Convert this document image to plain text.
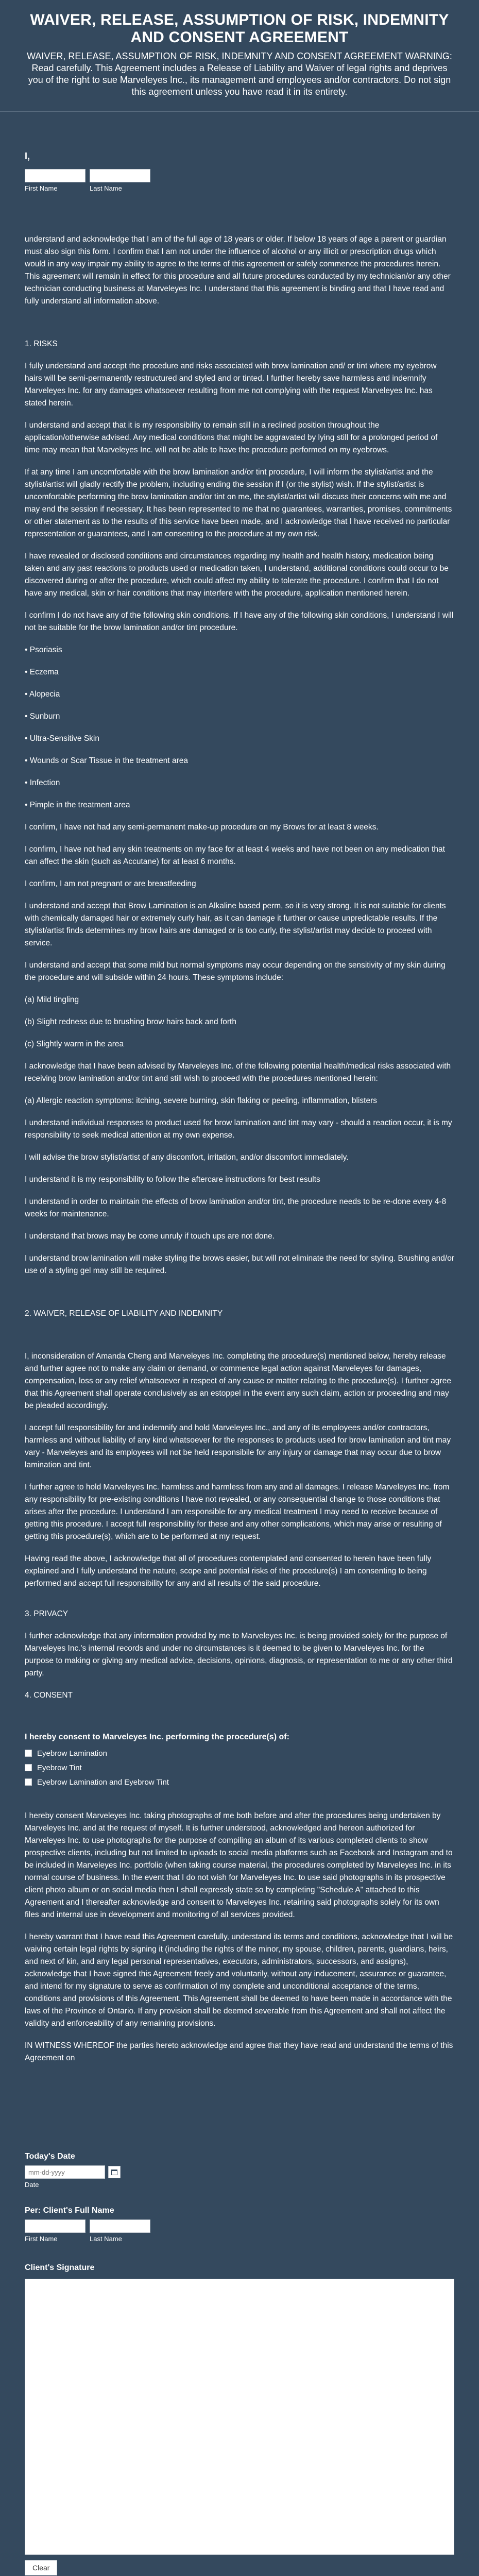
WAIVER, RELEASE, ASSUMPTION OF RISK, INDEMNITY AND CONSENT AGREEMENT

WAIVER, RELEASE, ASSUMPTION OF RISK, INDEMNITY AND CONSENT AGREEMENT WARNING: Read carefully. This Agreement includes a Release of Liability and Waiver of legal rights and deprives you of the right to sue Marveleyes Inc., its management and employees and/or contractors. Do not sign this agreement unless you have read it in its entirety.

I,
First Name	Last Name

understand and acknowledge that I am of the full age of 18 years or older. If below 18 years of age a parent or guardian must also sign this form. I confirm that I am not under the influence of alcohol or any illicit or prescription drugs which would in any way impair my ability to agree to the terms of this agreement or safely commence the procedures herein. This agreement will remain in effect for this procedure and all future procedures conducted by my technician/or any other technician conducting business at Marveleyes Inc. I understand that this agreement is binding and that I have read and fully understand all information above.

1. RISKS

I fully understand and accept the procedure and risks associated with brow lamination and/ or tint where my eyebrow hairs will be semi-permanently restructured and styled and or tinted. I further hereby save harmless and indemnify Marveleyes Inc. for any damages whatsoever resulting from me not complying with the request Marveleyes Inc. has stated herein.

I understand and accept that it is my responsibility to remain still in a reclined position throughout the application/otherwise advised. Any medical conditions that might be aggravated by lying still for a prolonged period of time may mean that Marveleyes Inc. will not be able to have the procedure performed on my eyebrows.

If at any time I am uncomfortable with the brow lamination and/or tint procedure, I will inform the stylist/artist and the stylist/artist will gladly rectify the problem, including ending the session if I (or the stylist) wish. If the stylist/artist is uncomfortable performing the brow lamination and/or tint on me, the stylist/artist will discuss their concerns with me and may end the session if necessary. It has been represented to me that no guarantees, warranties, promises, commitments or other statement as to the results of this service have been made, and I acknowledge that I have received no particular representation or guarantees, and I am consenting to the procedure at my own risk.

I have revealed or disclosed conditions and circumstances regarding my health and health history, medication being taken and any past reactions to products used or medication taken, I understand, additional conditions could occur to be discovered during or after the procedure, which could affect my ability to tolerate the procedure. I confirm that I do not have any medical, skin or hair conditions that may interfere with the procedure, application mentioned herein.

I confirm I do not have any of the following skin conditions. If I have any of the following skin conditions, I understand I will not be suitable for the brow lamination and/or tint procedure.

• Psoriasis

• Eczema

• Alopecia

• Sunburn

• Ultra-Sensitive Skin

• Wounds or Scar Tissue in the treatment area

• Infection

• Pimple in the treatment area

I confirm, I have not had any semi-permanent make-up procedure on my Brows for at least 8 weeks.

I confirm, I have not had any skin treatments on my face for at least 4 weeks and have not been on any medication that can affect the skin (such as Accutane) for at least 6 months.

I confirm, I am not pregnant or are breastfeeding

I understand and accept that Brow Lamination is an Alkaline based perm, so it is very strong. It is not suitable for clients with chemically damaged hair or extremely curly hair, as it can damage it further or cause unpredictable results. If the stylist/artist finds determines my brow hairs are damaged or is too curly, the stylist/artist may decide to proceed with service.

I understand and accept that some mild but normal symptoms may occur depending on the sensitivity of my skin during the procedure and will subside within 24 hours. These symptoms include:

(a) Mild tingling

(b) Slight redness due to brushing brow hairs back and forth

(c) Slightly warm in the area

I acknowledge that I have been advised by Marveleyes Inc. of the following potential health/medical risks associated with receiving brow lamination and/or tint and still wish to proceed with the procedures mentioned herein:

(a) Allergic reaction symptoms: itching, severe burning, skin flaking or peeling, inflammation, blisters

I understand individual responses to product used for brow lamination and tint may vary - should a reaction occur, it is my responsibility to seek medical attention at my own expense.

I will advise the brow stylist/artist of any discomfort, irritation, and/or discomfort immediately.

I understand it is my responsibility to follow the aftercare instructions for best results

I understand in order to maintain the effects of brow lamination and/or tint, the procedure needs to be re-done every 4-8 weeks for maintenance.

I understand that brows may be come unruly if touch ups are not done.

I understand brow lamination will make styling the brows easier, but will not eliminate the need for styling. Brushing and/or use of a styling gel may still be required.

2. WAIVER, RELEASE OF LIABILITY AND INDEMNITY

I, inconsideration of Amanda Cheng and Marveleyes Inc. completing the procedure(s) mentioned below, hereby release and further agree not to make any claim or demand, or commence legal action against Marveleyes for damages, compensation, loss or any relief whatsoever in respect of any cause or matter relating to the procedure(s). I further agree that this Agreement shall operate conclusively as an estoppel in the event any such claim, action or proceeding and may be pleaded accordingly.

I accept full responsibility for and indemnify and hold Marveleyes Inc., and any of its employees and/or contractors, harmless and without liability of any kind whatsoever for the responses to products used for brow lamination and tint may vary - Marveleyes and its employees will not be held responsibile for any injury or damage that may occur due to brow lamination and tint.

I further agree to hold Marveleyes Inc. harmless and harmless from any and all damages. I release Marveleyes Inc. from any responsibility for pre-existing conditions I have not revealed, or any consequential change to those conditions that arises after the procedure. I understand I am responsible for any medical treatment I may need to receive because of getting this procedure. I accept full responsibility for these and any other complications, which may arise or resulting of getting this procedure(s), which are to be performed at my request.

Having read the above, I acknowledge that all of procedures contemplated and consented to herein have been fully explained and I fully understand the nature, scope and potential risks of the procedure(s) I am consenting to being performed and accept full responsibility for any and all results of the said procedure.

3. PRIVACY

I further acknowledge that any information provided by me to Marveleyes Inc. is being provided solely for the purpose of Marveleyes Inc.'s internal records and under no circumstances is it deemed to be given to Marveleyes Inc. for the purpose to making or giving any medical advice, decisions, opinions, diagnosis, or representation to me or any other third party.

4. CONSENT

I hereby consent to Marveleyes Inc. performing the procedure(s) of:
Eyebrow Lamination
Eyebrow Tint
Eyebrow Lamination and Eyebrow Tint

I hereby consent Marveleyes Inc. taking photographs of me both before and after the procedures being undertaken by Marveleyes Inc. and at the request of myself. It is further understood, acknowledged and hereon authorized for Marveleyes Inc. to use photographs for the purpose of compiling an album of its various completed clients to show prospective clients, including but not limited to uploads to social media platforms such as Facebook and Instagram and to be included in Marveleyes Inc. portfolio (when taking course material, the procedures completed by Marveleyes Inc. in its normal course of business. In the event that I do not wish for Marveleyes Inc. to use said photographs in its prospective client photo album or on social media then I shall expressly state so by completing "Schedule A" attached to this Agreement and I thereafter acknowledge and consent to Marveleyes Inc. retaining said photographs solely for its own files and internal use in development and monitoring of all services provided.

I hereby warrant that I have read this Agreement carefully, understand its terms and conditions, acknowledge that I will be waiving certain legal rights by signing it (including the rights of the minor, my spouse, children, parents, guardians, heirs, and next of kin, and any legal personal representatives, executors, administrators, successors, and assigns), acknowledge that I have signed this Agreement freely and voluntarily, without any inducement, assurance or guarantee, and intend for my signature to serve as confirmation of my complete and unconditional acceptance of the terms, conditions and provisions of this Agreement. This Agreement shall be deemed to have been made in accordance with the laws of the Province of Ontario. If any provision shall be deemed severable from this Agreement and shall not affect the validity and enforceability of any remaining provisions.

IN WITNESS WHEREOF the parties hereto acknowledge and agree that they have read and understand the terms of this Agreement on

Today's Date
mm-dd-yyyy
Date
Per: Client's Full Name
First Name	Last Name
Client's Signature
Clear
